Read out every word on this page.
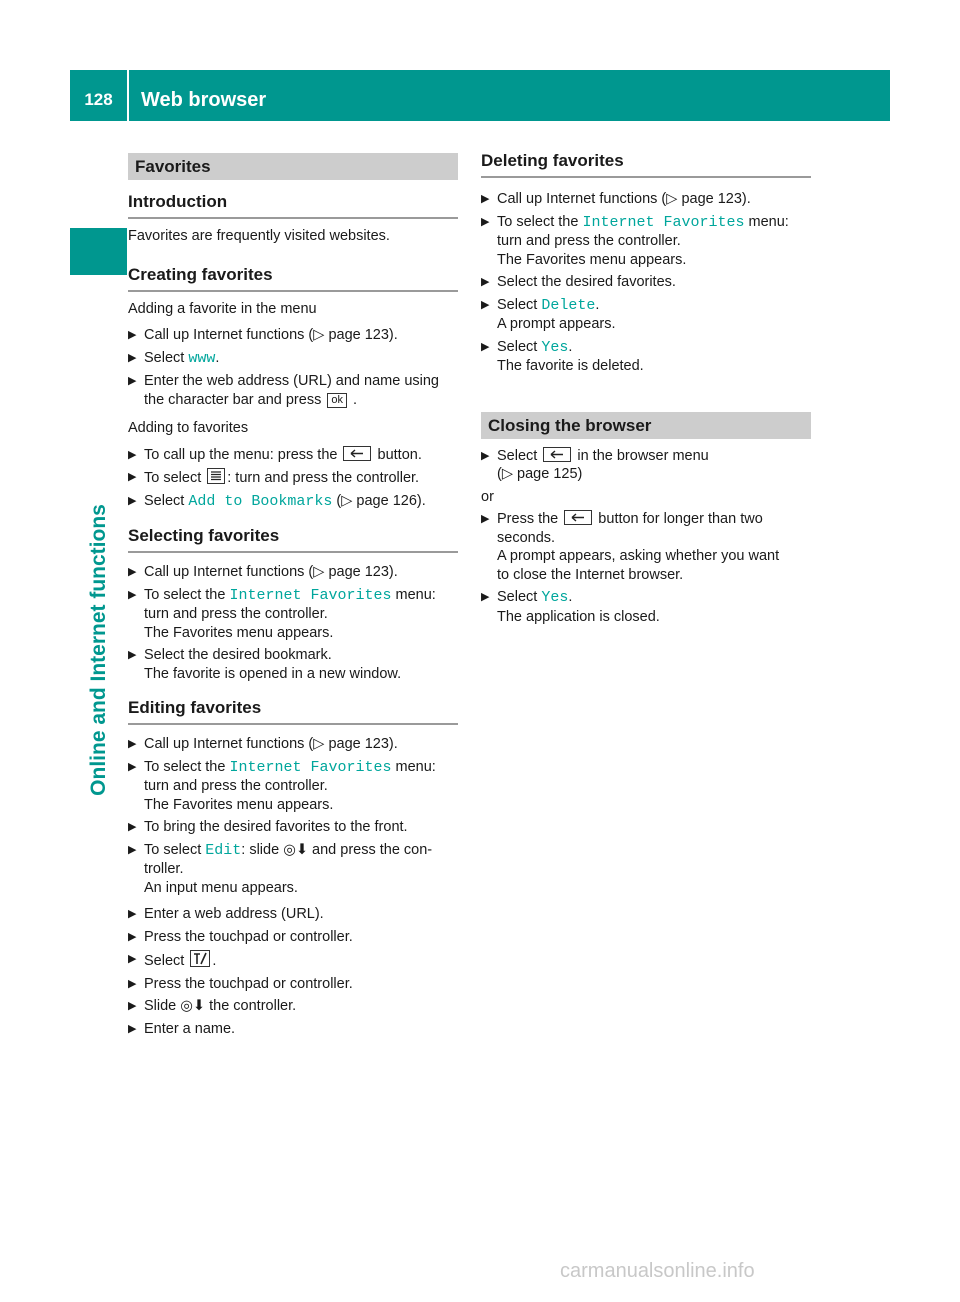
128	Web browser
Online and Internet functions
Favorites
Introduction

Favorites are frequently visited websites.

Creating favorites

Adding a favorite in the menu

▶ Call up Internet functions (▷ page 123).
▶ Select www.
▶ Enter the web address (URL) and name using
the character bar and press ok .

Adding to favorites

▶ To call up the menu: press the	button.
▶ To select
: turn and press the controller.
▶ Select Add to Bookmarks (▷ page 126).
Selecting favorites
▶ Call up Internet functions (▷ page 123).
▶ To select the Internet Favorites menu:
turn and press the controller.
The Favorites menu appears.
▶ Select the desired bookmark.
The favorite is opened in a new window.
Editing favorites
▶ Call up Internet functions (▷ page 123).
▶ To select the Internet Favorites menu:
turn and press the controller.
The Favorites menu appears.
▶ To bring the desired favorites to the front.
▶ To select Edit: slide ◎⬇ and press the con-
troller.
An input menu appears.
▶ Enter a web address (URL).
▶ Press the touchpad or controller.
▶ Select
.
▶ Press the touchpad or controller.
▶ Slide ◎⬇ the controller.
▶ Enter a name.
Deleting favorites
▶ Call up Internet functions (▷ page 123).
▶ To select the Internet Favorites menu:
turn and press the controller.
The Favorites menu appears.
▶ Select the desired favorites.
▶ Select Delete.
A prompt appears.
▶ Select Yes.
The favorite is deleted.
Closing the browser
▶ Select
in the browser menu
(▷ page 125)

or

▶ Press the
button for longer than two
seconds.
A prompt appears, asking whether you want
to close the Internet browser.
▶ Select Yes.
The application is closed.
carmanualsonline.info
